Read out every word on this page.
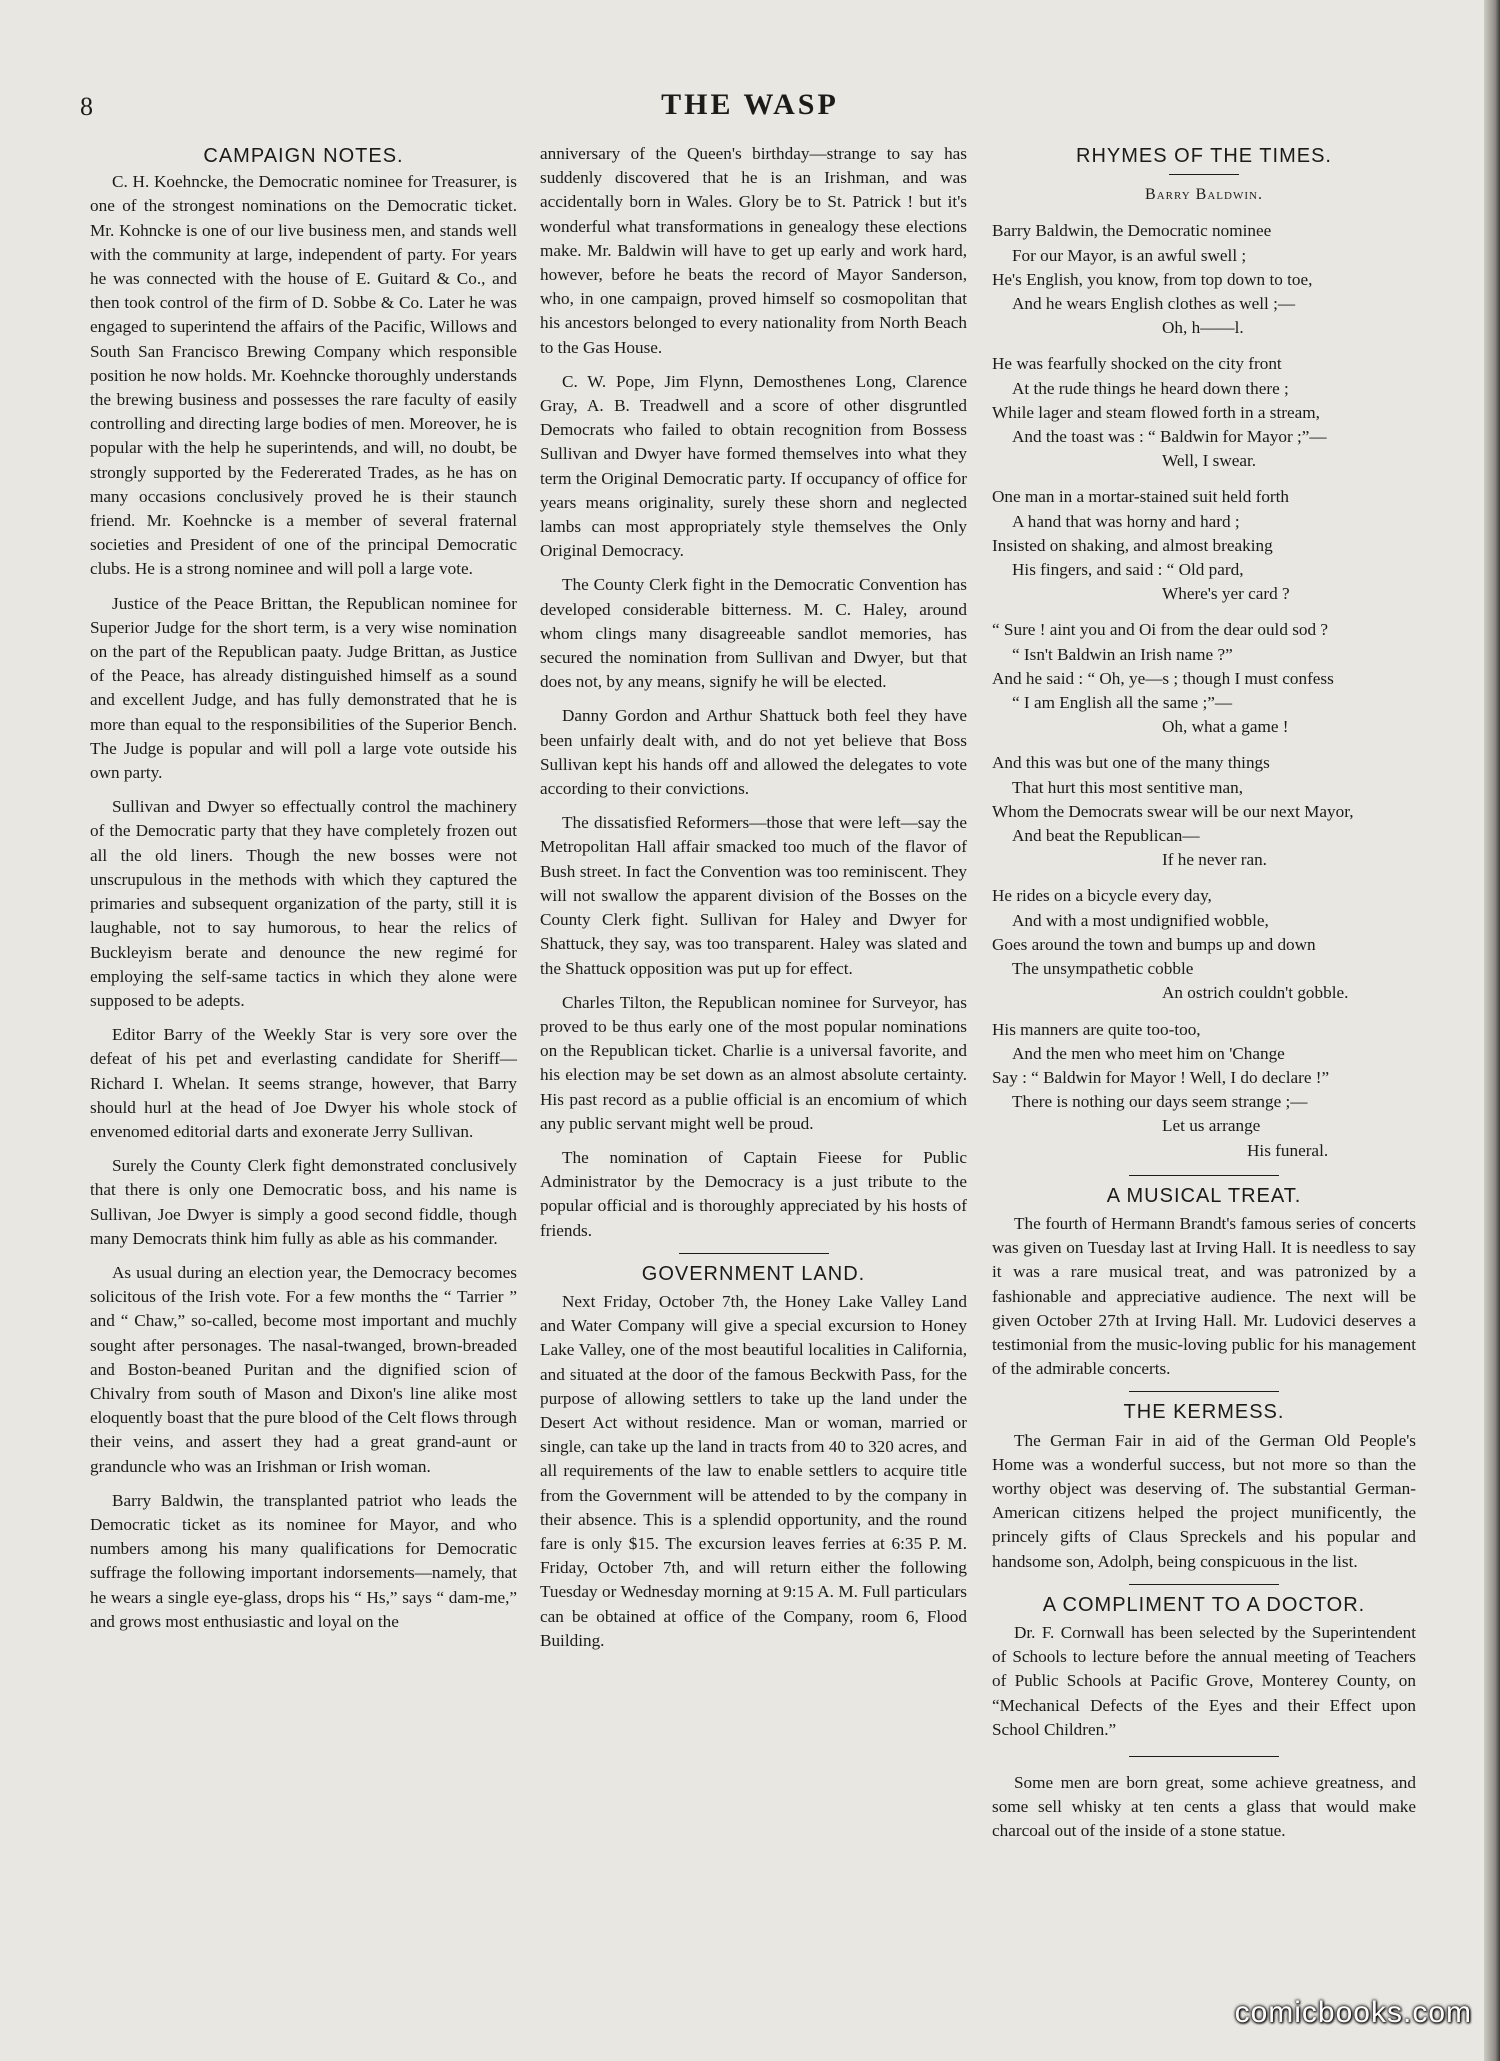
8	THE WASP
CAMPAIGN NOTES.

C. H. Koehncke, the Democratic nominee for Treasurer, is one of the strongest nominations on the Democratic ticket. Mr. Kohncke is one of our live business men, and stands well with the community at large, independent of party. For years he was connected with the house of E. Guitard & Co., and then took control of the firm of D. Sobbe & Co. Later he was engaged to superintend the affairs of the Pacific, Willows and South San Francisco Brewing Company which responsible position he now holds. Mr. Koehncke thoroughly understands the brewing business and possesses the rare faculty of easily controlling and directing large bodies of men. Moreover, he is popular with the help he superintends, and will, no doubt, be strongly supported by the Federerated Trades, as he has on many occasions conclusively proved he is their staunch friend. Mr. Koehncke is a member of several fraternal societies and President of one of the principal Democratic clubs. He is a strong nominee and will poll a large vote.

Justice of the Peace Brittan, the Republican nominee for Superior Judge for the short term, is a very wise nomination on the part of the Republican paaty. Judge Brittan, as Justice of the Peace, has already distinguished himself as a sound and excellent Judge, and has fully demonstrated that he is more than equal to the responsibilities of the Superior Bench. The Judge is popular and will poll a large vote outside his own party.

Sullivan and Dwyer so effectually control the machinery of the Democratic party that they have completely frozen out all the old liners. Though the new bosses were not unscrupulous in the methods with which they captured the primaries and subsequent organization of the party, still it is laughable, not to say humorous, to hear the relics of Buckleyism berate and denounce the new regimé for employing the self-same tactics in which they alone were supposed to be adepts.

Editor Barry of the Weekly Star is very sore over the defeat of his pet and everlasting candidate for Sheriff—Richard I. Whelan. It seems strange, however, that Barry should hurl at the head of Joe Dwyer his whole stock of envenomed editorial darts and exonerate Jerry Sullivan.

Surely the County Clerk fight demonstrated conclusively that there is only one Democratic boss, and his name is Sullivan, Joe Dwyer is simply a good second fiddle, though many Democrats think him fully as able as his commander.

As usual during an election year, the Democracy becomes solicitous of the Irish vote. For a few months the “ Tarrier ” and “ Chaw,” so-called, become most important and muchly sought after personages. The nasal-twanged, brown-breaded and Boston-beaned Puritan and the dignified scion of Chivalry from south of Mason and Dixon's line alike most eloquently boast that the pure blood of the Celt flows through their veins, and assert they had a great grand-aunt or granduncle who was an Irishman or Irish woman.

Barry Baldwin, the transplanted patriot who leads the Democratic ticket as its nominee for Mayor, and who numbers among his many qualifications for Democratic suffrage the following important indorsements—namely, that he wears a single eye-glass, drops his “ Hs,” says “ dam-me,” and grows most enthusiastic and loyal on the

anniversary of the Queen's birthday—strange to say has suddenly discovered that he is an Irishman, and was accidentally born in Wales. Glory be to St. Patrick ! but it's wonderful what transformations in genealogy these elections make. Mr. Baldwin will have to get up early and work hard, however, before he beats the record of Mayor Sanderson, who, in one campaign, proved himself so cosmopolitan that his ancestors belonged to every nationality from North Beach to the Gas House.

C. W. Pope, Jim Flynn, Demosthenes Long, Clarence Gray, A. B. Treadwell and a score of other disgruntled Democrats who failed to obtain recognition from Bossess Sullivan and Dwyer have formed themselves into what they term the Original Democratic party. If occupancy of office for years means originality, surely these shorn and neglected lambs can most appropriately style themselves the Only Original Democracy.

The County Clerk fight in the Democratic Convention has developed considerable bitterness. M. C. Haley, around whom clings many disagreeable sandlot memories, has secured the nomination from Sullivan and Dwyer, but that does not, by any means, signify he will be elected.

Danny Gordon and Arthur Shattuck both feel they have been unfairly dealt with, and do not yet believe that Boss Sullivan kept his hands off and allowed the delegates to vote according to their convictions.

The dissatisfied Reformers—those that were left—say the Metropolitan Hall affair smacked too much of the flavor of Bush street. In fact the Convention was too reminiscent. They will not swallow the apparent division of the Bosses on the County Clerk fight. Sullivan for Haley and Dwyer for Shattuck, they say, was too transparent. Haley was slated and the Shattuck opposition was put up for effect.

Charles Tilton, the Republican nominee for Surveyor, has proved to be thus early one of the most popular nominations on the Republican ticket. Charlie is a universal favorite, and his election may be set down as an almost absolute certainty. His past record as a publie official is an encomium of which any public servant might well be proud.

The nomination of Captain Fieese for Public Administrator by the Democracy is a just tribute to the popular official and is thoroughly appreciated by his hosts of friends.

GOVERNMENT LAND.

Next Friday, October 7th, the Honey Lake Valley Land and Water Company will give a special excursion to Honey Lake Valley, one of the most beautiful localities in California, and situated at the door of the famous Beckwith Pass, for the purpose of allowing settlers to take up the land under the Desert Act without residence. Man or woman, married or single, can take up the land in tracts from 40 to 320 acres, and all requirements of the law to enable settlers to acquire title from the Government will be attended to by the company in their absence. This is a splendid opportunity, and the round fare is only $15. The excursion leaves ferries at 6:35 P. M. Friday, October 7th, and will return either the following Tuesday or Wednesday morning at 9:15 A. M. Full particulars can be obtained at office of the Company, room 6, Flood Building.

RHYMES OF THE TIMES.
Barry Baldwin.
Barry Baldwin, the Democratic nominee
For our Mayor, is an awful swell ;
He's English, you know, from top down to toe,
And he wears English clothes as well ;—
Oh, h——l.
He was fearfully shocked on the city front
At the rude things he heard down there ;
While lager and steam flowed forth in a stream,
And the toast was : “ Baldwin for Mayor ;”—
Well, I swear.
One man in a mortar-stained suit held forth
A hand that was horny and hard ;
Insisted on shaking, and almost breaking
His fingers, and said : “ Old pard,
Where's yer card ?
“ Sure ! aint you and Oi from the dear ould sod ?
“ Isn't Baldwin an Irish name ?”
And he said : “ Oh, ye—s ; though I must confess
“ I am English all the same ;”—
Oh, what a game !
And this was but one of the many things
That hurt this most sentitive man,
Whom the Democrats swear will be our next Mayor,
And beat the Republican—
If he never ran.
He rides on a bicycle every day,
And with a most undignified wobble,
Goes around the town and bumps up and down
The unsympathetic cobble
An ostrich couldn't gobble.
His manners are quite too-too,
And the men who meet him on 'Change
Say : “ Baldwin for Mayor ! Well, I do declare !”
There is nothing our days seem strange ;—
Let us arrange
His funeral.
A MUSICAL TREAT.

The fourth of Hermann Brandt's famous series of concerts was given on Tuesday last at Irving Hall. It is needless to say it was a rare musical treat, and was patronized by a fashionable and appreciative audience. The next will be given October 27th at Irving Hall. Mr. Ludovici deserves a testimonial from the music-loving public for his management of the admirable concerts.

THE KERMESS.

The German Fair in aid of the German Old People's Home was a wonderful success, but not more so than the worthy object was deserving of. The substantial German-American citizens helped the project munificently, the princely gifts of Claus Spreckels and his popular and handsome son, Adolph, being conspicuous in the list.

A COMPLIMENT TO A DOCTOR.

Dr. F. Cornwall has been selected by the Superintendent of Schools to lecture before the annual meeting of Teachers of Public Schools at Pacific Grove, Monterey County, on “Mechanical Defects of the Eyes and their Effect upon School Children.”

Some men are born great, some achieve greatness, and some sell whisky at ten cents a glass that would make charcoal out of the inside of a stone statue.

comicbooks.com
